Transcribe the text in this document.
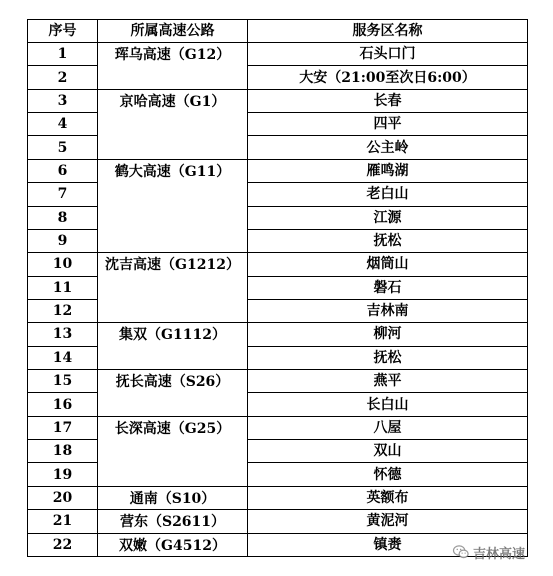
序号	所属高速公路	服务区名称
1	珲乌高速（G12）	石头口门
2		大安（21:00至次日6:00）
3	京哈高速（G1）	长春
4		四平
5		公主岭
6	鹤大高速（G11）	雁鸣湖
7		老白山
8		江源
9		抚松
10	沈吉高速（G1212）	烟筒山
11		磐石
12		吉林南
13	集双（G1112）	柳河
14		抚松
15	抚长高速（S26）	燕平
16		长白山
17	长深高速（G25）	八屋
18		双山
19		怀德
20	通南（S10）	英额布
21	营东（S2611）	黄泥河
22	双嫩（G4512）	镇赉
吉林高速
